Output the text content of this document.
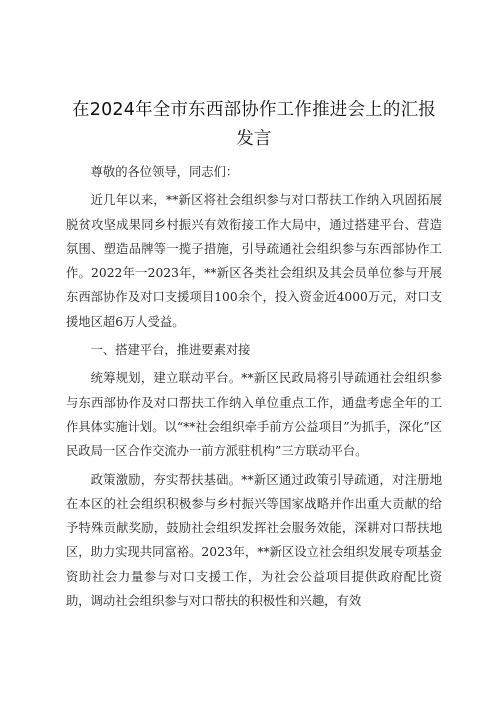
在2024年全市东西部协作工作推进会上的汇报
发言

尊敬的各位领导，同志们：

近几年以来，**新区将社会组织参与对口帮扶工作纳入巩固拓展脱贫攻坚成果同乡村振兴有效衔接工作大局中，通过搭建平台、营造氛围、塑造品牌等一揽子措施，引导疏通社会组织参与东西部协作工作。2022年一2023年，**新区各类社会组织及其会员单位参与开展东西部协作及对口支援项目100余个，投入资金近4000万元，对口支援地区超6万人受益。

一、搭建平台，推进要素对接

统筹规划，建立联动平台。**新区民政局将引导疏通社会组织参与东西部协作及对口帮扶工作纳入单位重点工作，通盘考虑全年的工作具体实施计划。以“**社会组织牵手前方公益项目”为抓手，深化”区民政局一区合作交流办一前方派驻机构”三方联动平台。

政策激励，夯实帮扶基础。**新区通过政策引导疏通，对注册地在本区的社会组织积极参与乡村振兴等国家战略并作出重大贡献的给予特殊贡献奖励，鼓励社会组织发挥社会服务效能，深耕对口帮扶地区，助力实现共同富裕。2023年，**新区设立社会组织发展专项基金资助社会力量参与对口支援工作，为社会公益项目提供政府配比资助，调动社会组织参与对口帮扶的积极性和兴趣，有效
